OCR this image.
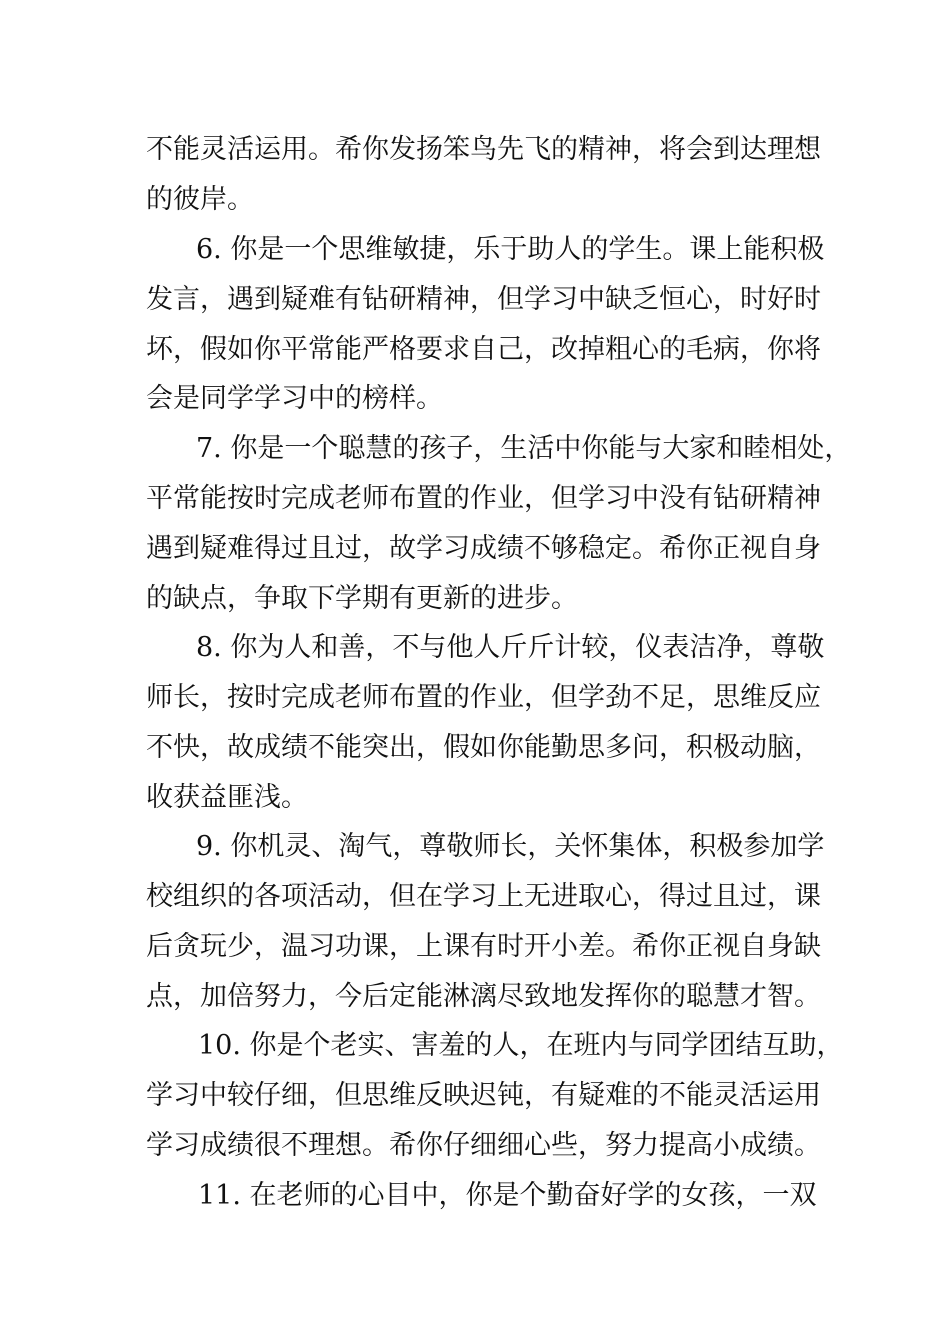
不能灵活运用。希你发扬笨鸟先飞的精神，将会到达理想
的彼岸。
6. 你是一个思维敏捷，乐于助人的学生。课上能积极
发言，遇到疑难有钻研精神，但学习中缺乏恒心，时好时
坏，假如你平常能严格要求自己，改掉粗心的毛病，你将
会是同学学习中的榜样。
7. 你是一个聪慧的孩子，生活中你能与大家和睦相处，
平常能按时完成老师布置的作业，但学习中没有钻研精神
遇到疑难得过且过，故学习成绩不够稳定。希你正视自身
的缺点，争取下学期有更新的进步。
8. 你为人和善，不与他人斤斤计较，仪表洁净，尊敬
师长，按时完成老师布置的作业，但学劲不足，思维反应
不快，故成绩不能突出，假如你能勤思多问，积极动脑，
收获益匪浅。
9. 你机灵、淘气，尊敬师长，关怀集体，积极参加学
校组织的各项活动，但在学习上无进取心，得过且过，课
后贪玩少，温习功课，上课有时开小差。希你正视自身缺
点，加倍努力，今后定能淋漓尽致地发挥你的聪慧才智。
10. 你是个老实、害羞的人，在班内与同学团结互助，
学习中较仔细，但思维反映迟钝，有疑难的不能灵活运用
学习成绩很不理想。希你仔细细心些，努力提高小成绩。
11. 在老师的心目中，你是个勤奋好学的女孩，一双
